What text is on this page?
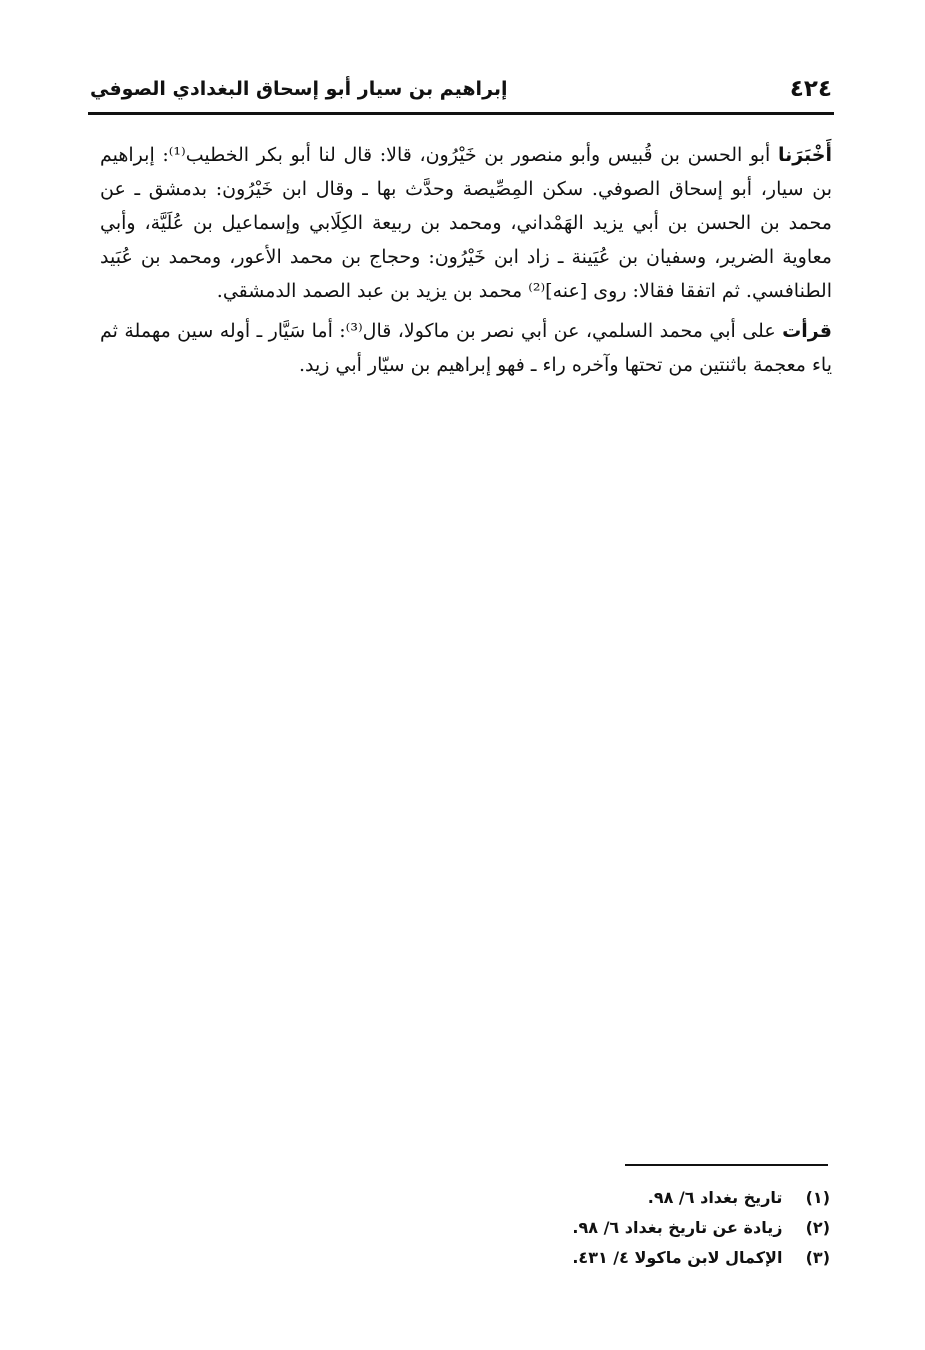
٤٢٤
إبراهيم بن سيار أبو إسحاق البغدادي الصوفي

أَخْبَرَنا أبو الحسن بن قُبيس وأبو منصور بن خَيْرُون، قالا: قال لنا أبو بكر الخطيب⁽¹⁾: إبراهيم بن سيار، أبو إسحاق الصوفي. سكن المِصِّيصة وحدَّث بها ـ وقال ابن خَيْرُون: بدمشق ـ عن محمد بن الحسن بن أبي يزيد الهَمْداني، ومحمد بن ربيعة الكِلَابي وإسماعيل بن عُلَيَّة، وأبي معاوية الضرير، وسفيان بن عُيَينة ـ زاد ابن خَيْرُون: وحجاج بن محمد الأعور، ومحمد بن عُبَيد الطنافسي. ثم اتفقا فقالا: روى [عنه]⁽²⁾ محمد بن يزيد بن عبد الصمد الدمشقي.

قرأت على أبي محمد السلمي، عن أبي نصر بن ماكولا، قال⁽³⁾: أما سَيَّار ـ أوله سين مهملة ثم ياء معجمة باثنتين من تحتها وآخره راء ـ فهو إبراهيم بن سيّار أبي زيد.

(١) تاريخ بغداد ٦/ ٩٨.
(٢) زيادة عن تاريخ بغداد ٦/ ٩٨.
(٣) الإكمال لابن ماكولا ٤/ ٤٣١.
